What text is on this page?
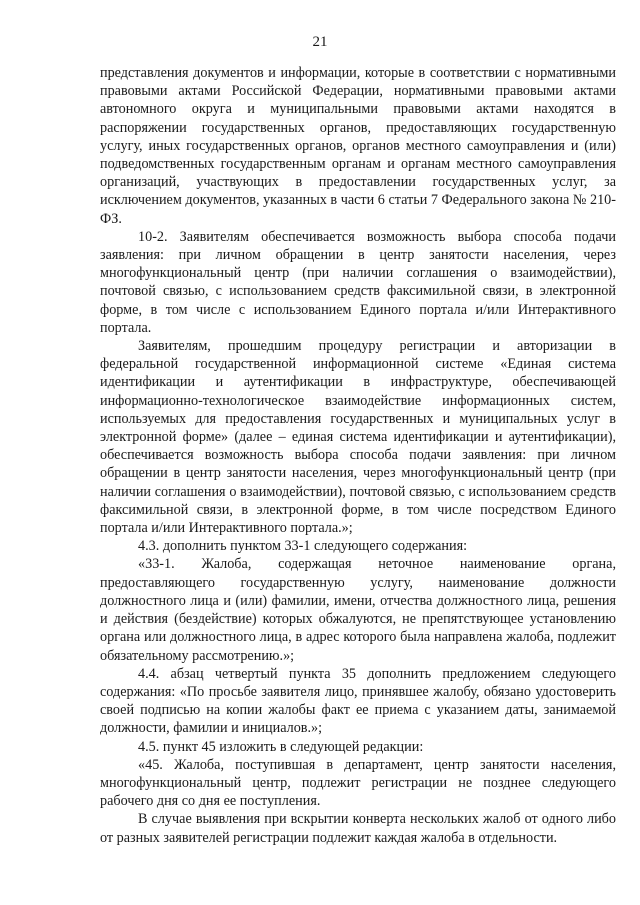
21

представления документов и информации, которые в соответствии с нормативными правовыми актами Российской Федерации, нормативными правовыми актами автономного округа и муниципальными правовыми актами находятся в распоряжении государственных органов, предоставляющих государственную услугу, иных государственных органов, органов местного самоуправления и (или) подведомственных государственным органам и органам местного самоуправления организаций, участвующих в предоставлении государственных услуг, за исключением документов, указанных в части 6 статьи 7 Федерального закона № 210-ФЗ.

10-2. Заявителям обеспечивается возможность выбора способа подачи заявления: при личном обращении в центр занятости населения, через многофункциональный центр (при наличии соглашения о взаимодействии), почтовой связью, с использованием средств факсимильной связи, в электронной форме, в том числе с использованием Единого портала и/или Интерактивного портала.

Заявителям, прошедшим процедуру регистрации и авторизации в федеральной государственной информационной системе «Единая система идентификации и аутентификации в инфраструктуре, обеспечивающей информационно-технологическое взаимодействие информационных систем, используемых для предоставления государственных и муниципальных услуг в электронной форме» (далее – единая система идентификации и аутентификации), обеспечивается возможность выбора способа подачи заявления: при личном обращении в центр занятости населения, через многофункциональный центр (при наличии соглашения о взаимодействии), почтовой связью, с использованием средств факсимильной связи, в электронной форме, в том числе посредством Единого портала и/или Интерактивного портала.»;

4.3. дополнить пунктом 33-1 следующего содержания:

«33-1. Жалоба, содержащая неточное наименование органа, предоставляющего государственную услугу, наименование должности должностного лица и (или) фамилии, имени, отчества должностного лица, решения и действия (бездействие) которых обжалуются, не препятствующее установлению органа или должностного лица, в адрес которого была направлена жалоба, подлежит обязательному рассмотрению.»;

4.4. абзац четвертый пункта 35 дополнить предложением следующего содержания: «По просьбе заявителя лицо, принявшее жалобу, обязано удостоверить своей подписью на копии жалобы факт ее приема с указанием даты, занимаемой должности, фамилии и инициалов.»;

4.5. пункт 45 изложить в следующей редакции:

«45. Жалоба, поступившая в департамент, центр занятости населения, многофункциональный центр, подлежит регистрации не позднее следующего рабочего дня со дня ее поступления.

В случае выявления при вскрытии конверта нескольких жалоб от одного либо от разных заявителей регистрации подлежит каждая жалоба в отдельности.
